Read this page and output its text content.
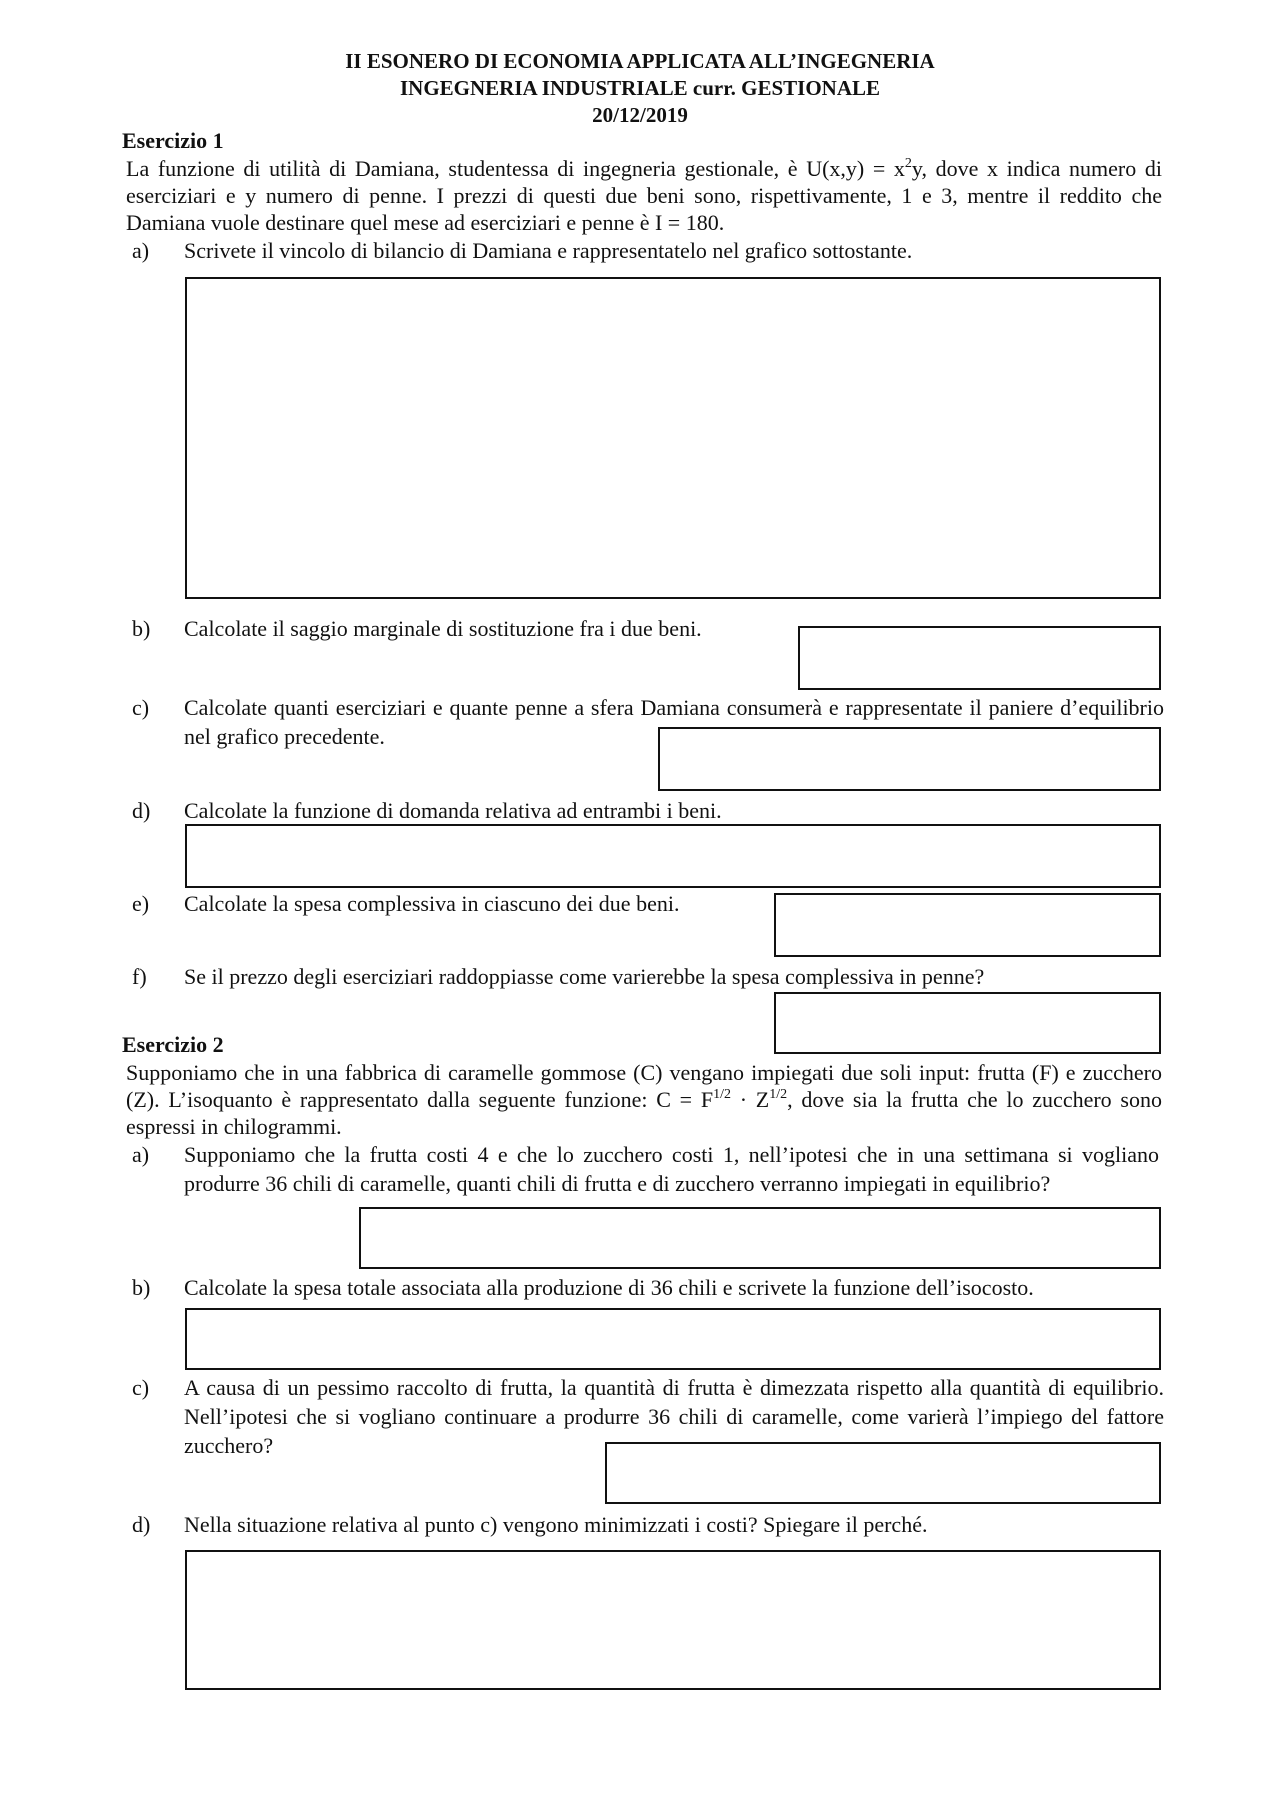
II ESONERO DI ECONOMIA APPLICATA ALL’INGEGNERIA
INGEGNERIA INDUSTRIALE curr. GESTIONALE
20/12/2019
Esercizio 1
La funzione di utilità di Damiana, studentessa di ingegneria gestionale, è $U(x,y) = x^2y$, dove x indica numero di eserciziari e y numero di penne. I prezzi di questi due beni sono, rispettivamente, 1 e 3, mentre il reddito che Damiana vuole destinare quel mese ad eserciziari e penne è I = 180.
a)	Scrivete il vincolo di bilancio di Damiana e rappresentatelo nel grafico sottostante.
b)	Calcolate il saggio marginale di sostituzione fra i due beni.
c)	Calcolate quanti eserciziari e quante penne a sfera Damiana consumerà e rappresentate il paniere d’equilibrio nel grafico precedente.
d)	Calcolate la funzione di domanda relativa ad entrambi i beni.
e)	Calcolate la spesa complessiva in ciascuno dei due beni.
f)	Se il prezzo degli eserciziari raddoppiasse come varierebbe la spesa complessiva in penne?
Esercizio 2
Supponiamo che in una fabbrica di caramelle gommose (C) vengano impiegati due soli input: frutta (F) e zucchero (Z). L’isoquanto è rappresentato dalla seguente funzione: $C = F^{1/2} \cdot Z^{1/2}$, dove sia la frutta che lo zucchero sono espressi in chilogrammi.
a)	Supponiamo che la frutta costi 4 e che lo zucchero costi 1, nell’ipotesi che in una settimana si vogliano produrre 36 chili di caramelle, quanti chili di frutta e di zucchero verranno impiegati in equilibrio?
b)	Calcolate la spesa totale associata alla produzione di 36 chili e scrivete la funzione dell’isocosto.
c)	A causa di un pessimo raccolto di frutta, la quantità di frutta è dimezzata rispetto alla quantità di equilibrio. Nell’ipotesi che si vogliano continuare a produrre 36 chili di caramelle, come varierà l’impiego del fattore zucchero?
d)	Nella situazione relativa al punto c) vengono minimizzati i costi? Spiegare il perché.
